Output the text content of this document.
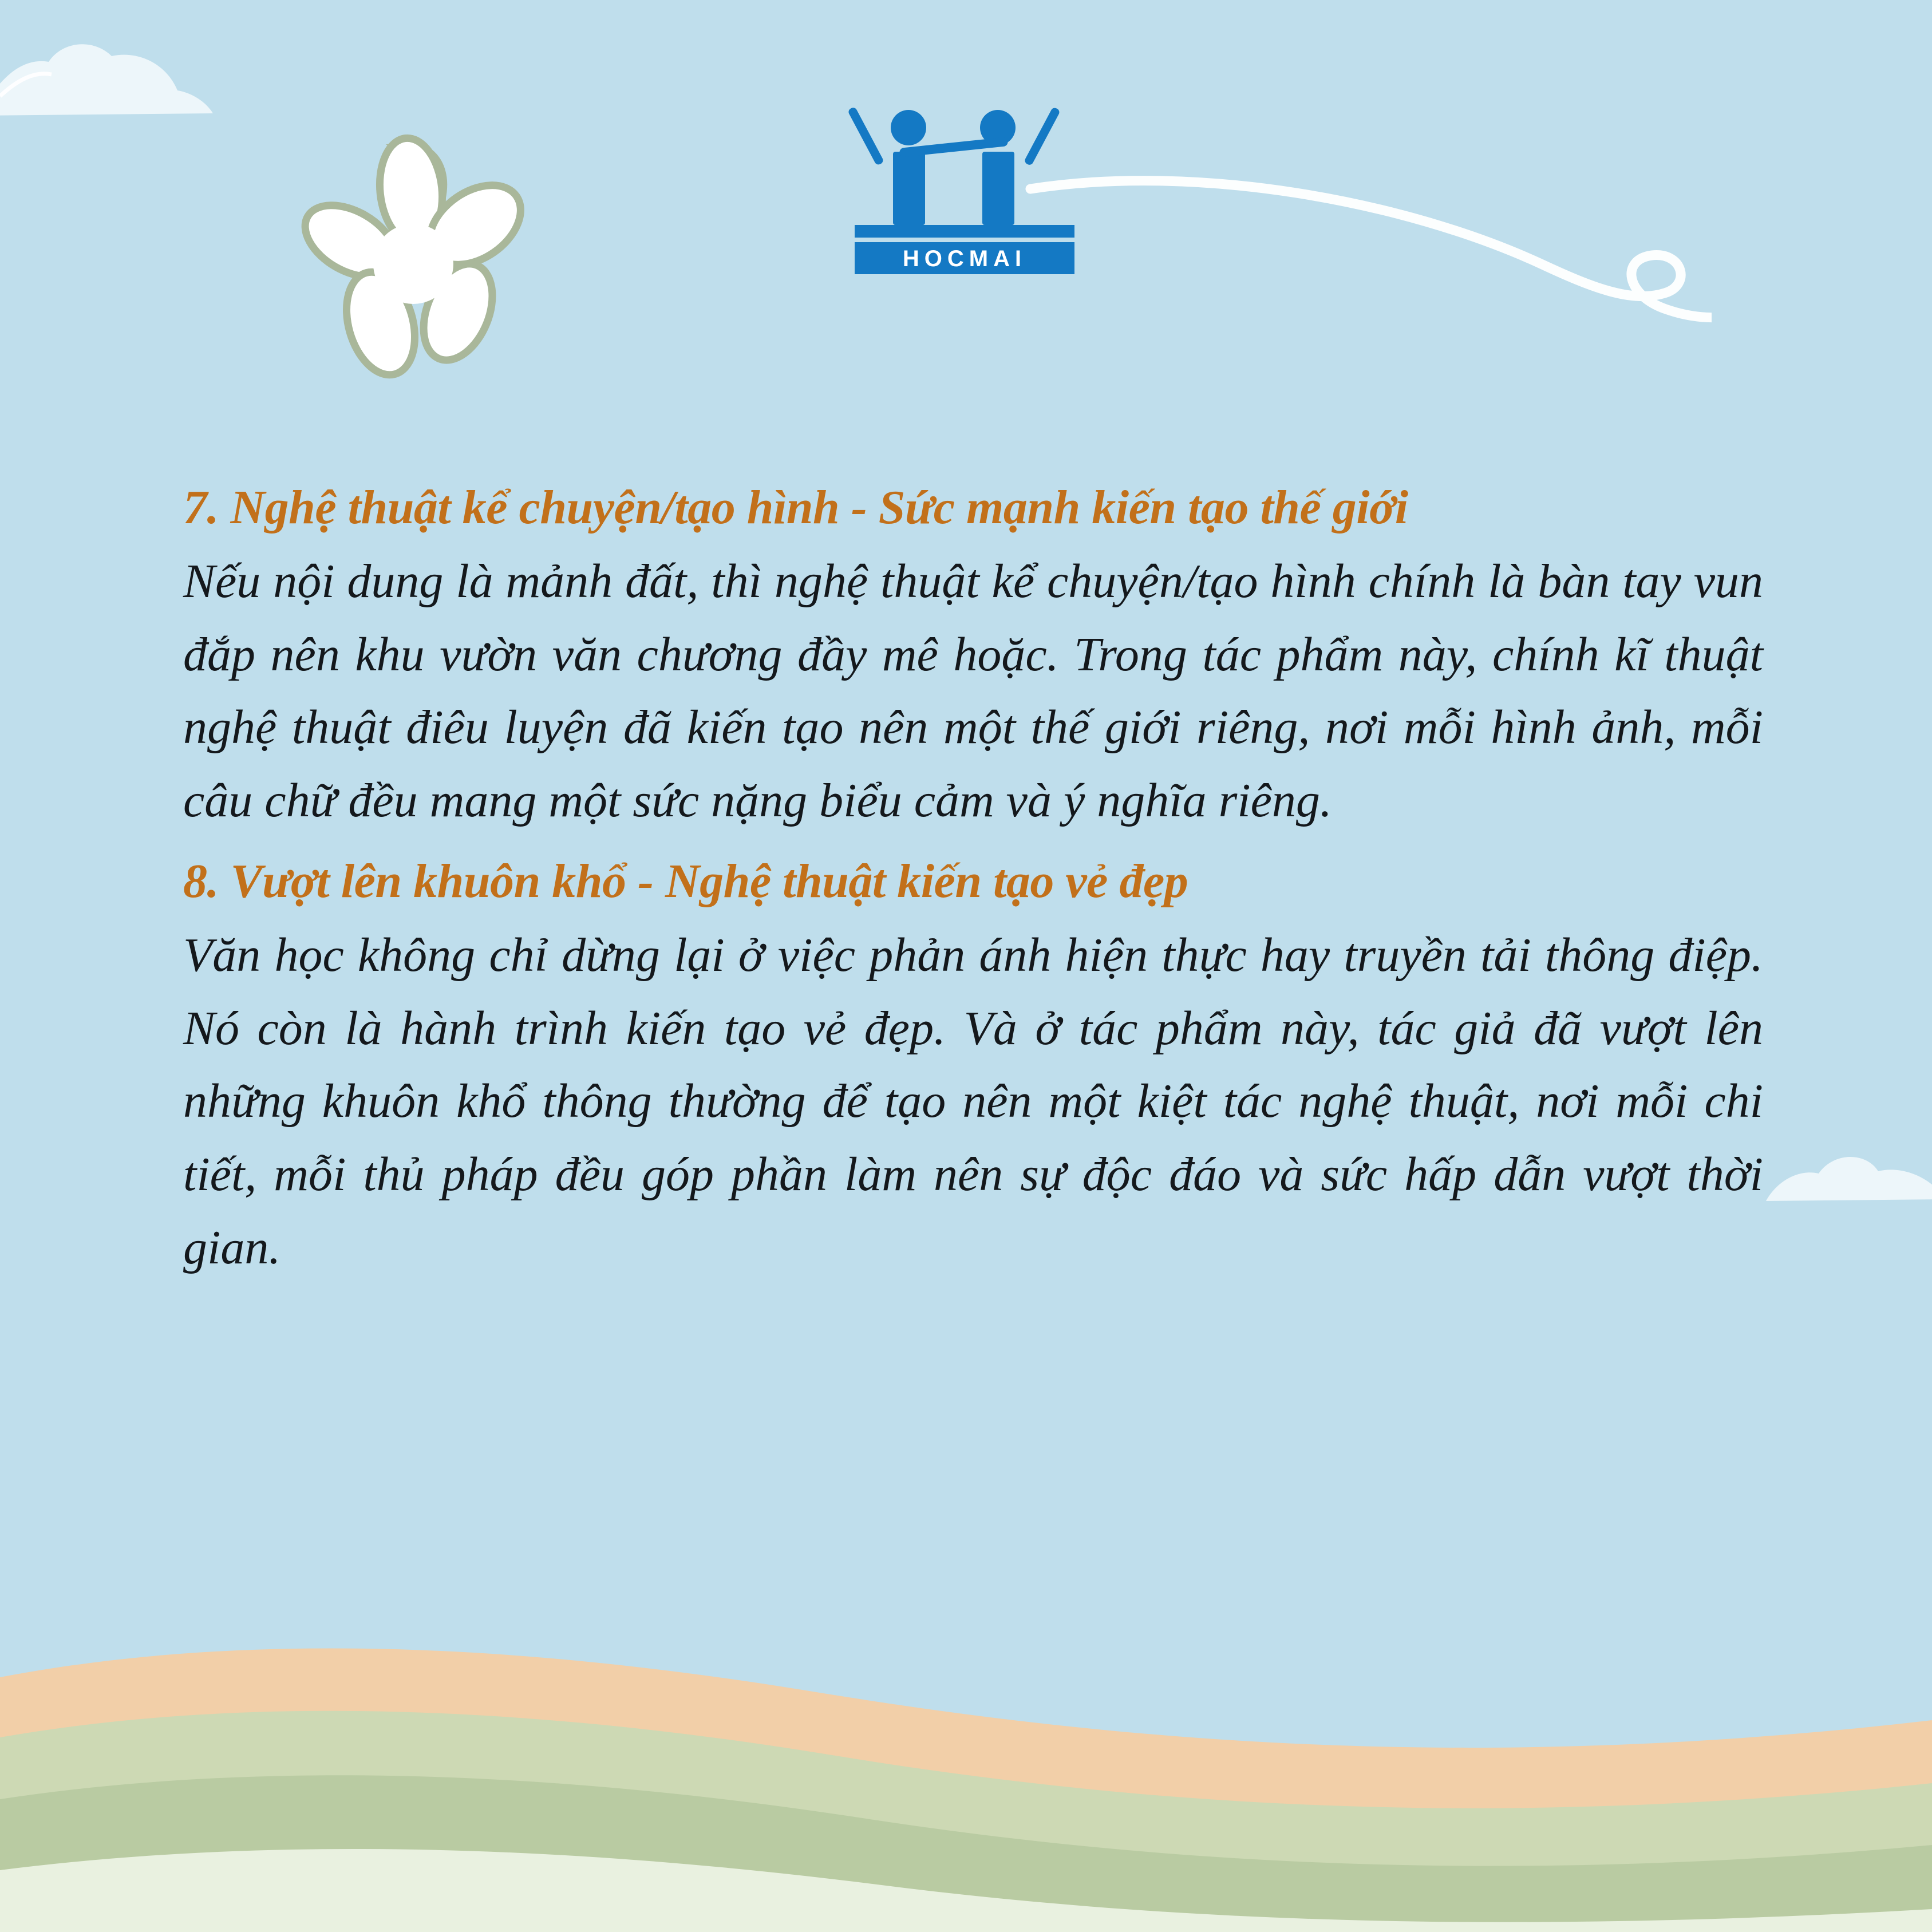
HOCMAI
7. Nghệ thuật kể chuyện/tạo hình - Sức mạnh kiến tạo thế giới

Nếu nội dung là mảnh đất, thì nghệ thuật kể chuyện/tạo hình chính là bàn tay vun đắp nên khu vườn văn chương đầy mê hoặc. Trong tác phẩm này, chính kĩ thuật nghệ thuật điêu luyện đã kiến tạo nên một thế giới riêng, nơi mỗi hình ảnh, mỗi câu chữ đều mang một sức nặng biểu cảm và ý nghĩa riêng.

8. Vượt lên khuôn khổ - Nghệ thuật kiến tạo vẻ đẹp

Văn học không chỉ dừng lại ở việc phản ánh hiện thực hay truyền tải thông điệp. Nó còn là hành trình kiến tạo vẻ đẹp. Và ở tác phẩm này, tác giả đã vượt lên những khuôn khổ thông thường để tạo nên một kiệt tác nghệ thuật, nơi mỗi chi tiết, mỗi thủ pháp đều góp phần làm nên sự độc đáo và sức hấp dẫn vượt thời gian.
